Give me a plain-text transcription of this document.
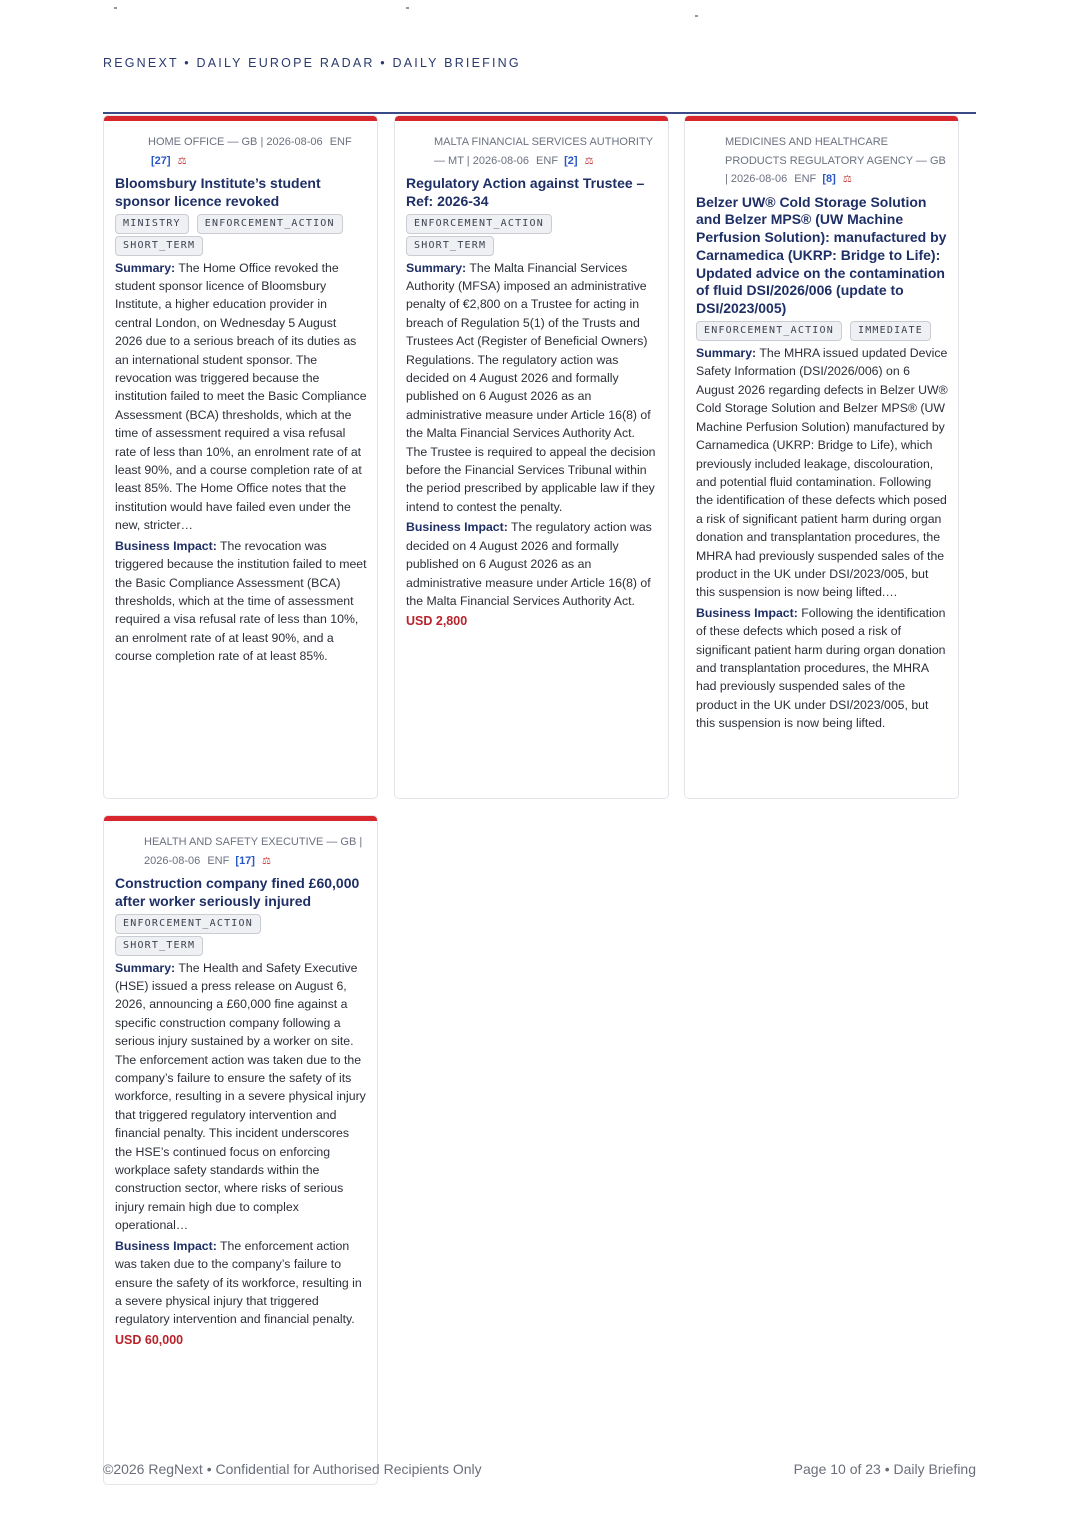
REGNEXT • DAILY EUROPE RADAR • DAILY BRIEFING
HOME OFFICE — GB | 2026-08-06 ENF [27] ⚖
Bloomsbury Institute’s student sponsor licence revoked
MINISTRY	ENFORCEMENT_ACTION
SHORT_TERM

Summary: The Home Office revoked the student sponsor licence of Bloomsbury Institute, a higher education provider in central London, on Wednesday 5 August 2026 due to a serious breach of its duties as an international student sponsor. The revocation was triggered because the institution failed to meet the Basic Compliance Assessment (BCA) thresholds, which at the time of assessment required a visa refusal rate of less than 10%, an enrolment rate of at least 90%, and a course completion rate of at least 85%. The Home Office notes that the institution would have failed even under the new, stricter…

Business Impact: The revocation was triggered because the institution failed to meet the Basic Compliance Assessment (BCA) thresholds, which at the time of assessment required a visa refusal rate of less than 10%, an enrolment rate of at least 90%, and a course completion rate of at least 85%.

MALTA FINANCIAL SERVICES AUTHORITY — MT | 2026-08-06 ENF [2] ⚖
Regulatory Action against Trustee – Ref: 2026-34
ENFORCEMENT_ACTION
SHORT_TERM

Summary: The Malta Financial Services Authority (MFSA) imposed an administrative penalty of €2,800 on a Trustee for acting in breach of Regulation 5(1) of the Trusts and Trustees Act (Register of Beneficial Owners) Regulations. The regulatory action was decided on 4 August 2026 and formally published on 6 August 2026 as an administrative measure under Article 16(8) of the Malta Financial Services Authority Act. The Trustee is required to appeal the decision before the Financial Services Tribunal within the period prescribed by applicable law if they intend to contest the penalty.

Business Impact: The regulatory action was decided on 4 August 2026 and formally published on 6 August 2026 as an administrative measure under Article 16(8) of the Malta Financial Services Authority Act.

USD 2,800
MEDICINES AND HEALTHCARE PRODUCTS REGULATORY AGENCY — GB | 2026-08-06 ENF [8] ⚖
Belzer UW® Cold Storage Solution and Belzer MPS® (UW Machine Perfusion Solution): manufactured by Carnamedica (UKRP: Bridge to Life): Updated advice on the contamination of fluid DSI/2026/006 (update to DSI/2023/005)
ENFORCEMENT_ACTION	IMMEDIATE

Summary: The MHRA issued updated Device Safety Information (DSI/2026/006) on 6 August 2026 regarding defects in Belzer UW® Cold Storage Solution and Belzer MPS® (UW Machine Perfusion Solution) manufactured by Carnamedica (UKRP: Bridge to Life), which previously included leakage, discolouration, and potential fluid contamination. Following the identification of these defects which posed a risk of significant patient harm during organ donation and transplantation procedures, the MHRA had previously suspended sales of the product in the UK under DSI/2023/005, but this suspension is now being lifted.…

Business Impact: Following the identification of these defects which posed a risk of significant patient harm during organ donation and transplantation procedures, the MHRA had previously suspended sales of the product in the UK under DSI/2023/005, but this suspension is now being lifted.

HEALTH AND SAFETY EXECUTIVE — GB | 2026-08-06 ENF [17] ⚖
Construction company fined £60,000 after worker seriously injured
ENFORCEMENT_ACTION
SHORT_TERM

Summary: The Health and Safety Executive (HSE) issued a press release on August 6, 2026, announcing a £60,000 fine against a specific construction company following a serious injury sustained by a worker on site. The enforcement action was taken due to the company’s failure to ensure the safety of its workforce, resulting in a severe physical injury that triggered regulatory intervention and financial penalty. This incident underscores the HSE’s continued focus on enforcing workplace safety standards within the construction sector, where risks of serious injury remain high due to complex operational…

Business Impact: The enforcement action was taken due to the company’s failure to ensure the safety of its workforce, resulting in a severe physical injury that triggered regulatory intervention and financial penalty.

USD 60,000
©2026 RegNext • Confidential for Authorised Recipients Only	Page 10 of 23 • Daily Briefing
